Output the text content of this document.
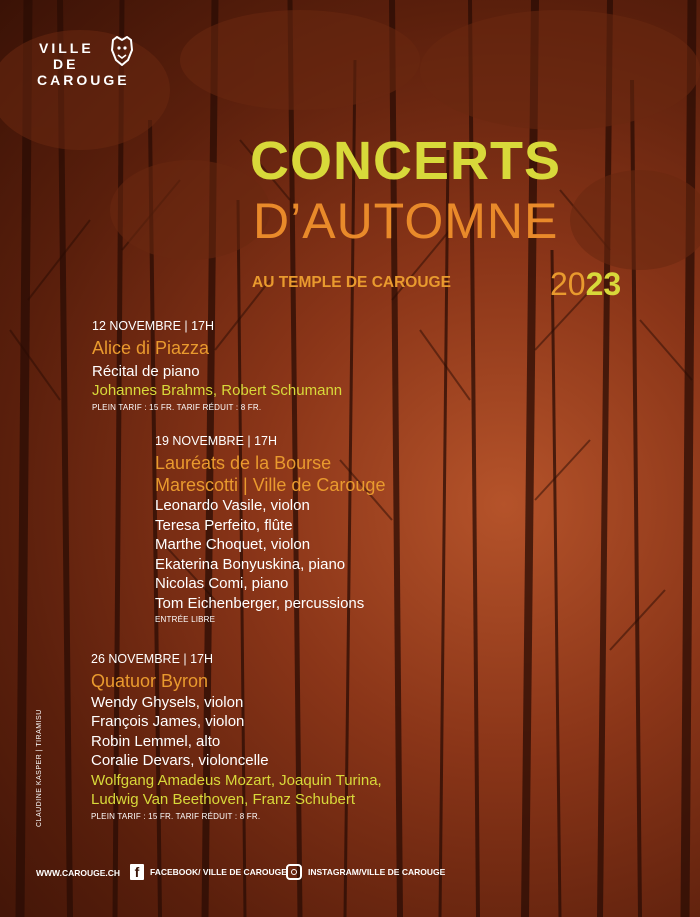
VILLE
DE
CAROUGE
CONCERTS
D’AUTOMNE
AU TEMPLE DE CAROUGE	2023
12 NOVEMBRE | 17H
Alice di Piazza
Récital de piano
Johannes Brahms, Robert Schumann
PLEIN TARIF : 15 FR. TARIF RÉDUIT : 8 FR.
19 NOVEMBRE | 17H
Lauréats de la Bourse
Marescotti | Ville de Carouge
Leonardo Vasile, violon
Teresa Perfeito, flûte
Marthe Choquet, violon
Ekaterina Bonyuskina, piano
Nicolas Comi, piano
Tom Eichenberger, percussions
ENTRÉE LIBRE
26 NOVEMBRE | 17H
Quatuor Byron
Wendy Ghysels, violon
François James, violon
Robin Lemmel, alto
Coralie Devars, violoncelle
Wolfgang Amadeus Mozart, Joaquin Turina,
Ludwig Van Beethoven, Franz Schubert
PLEIN TARIF : 15 FR. TARIF RÉDUIT : 8 FR.
CLAUDINE KASPER | TIRAMISU
WWW.CAROUGE.CH	f	FACEBOOK/ VILLE DE CAROUGE INSTAGRAM/VILLE DE CAROUGE
